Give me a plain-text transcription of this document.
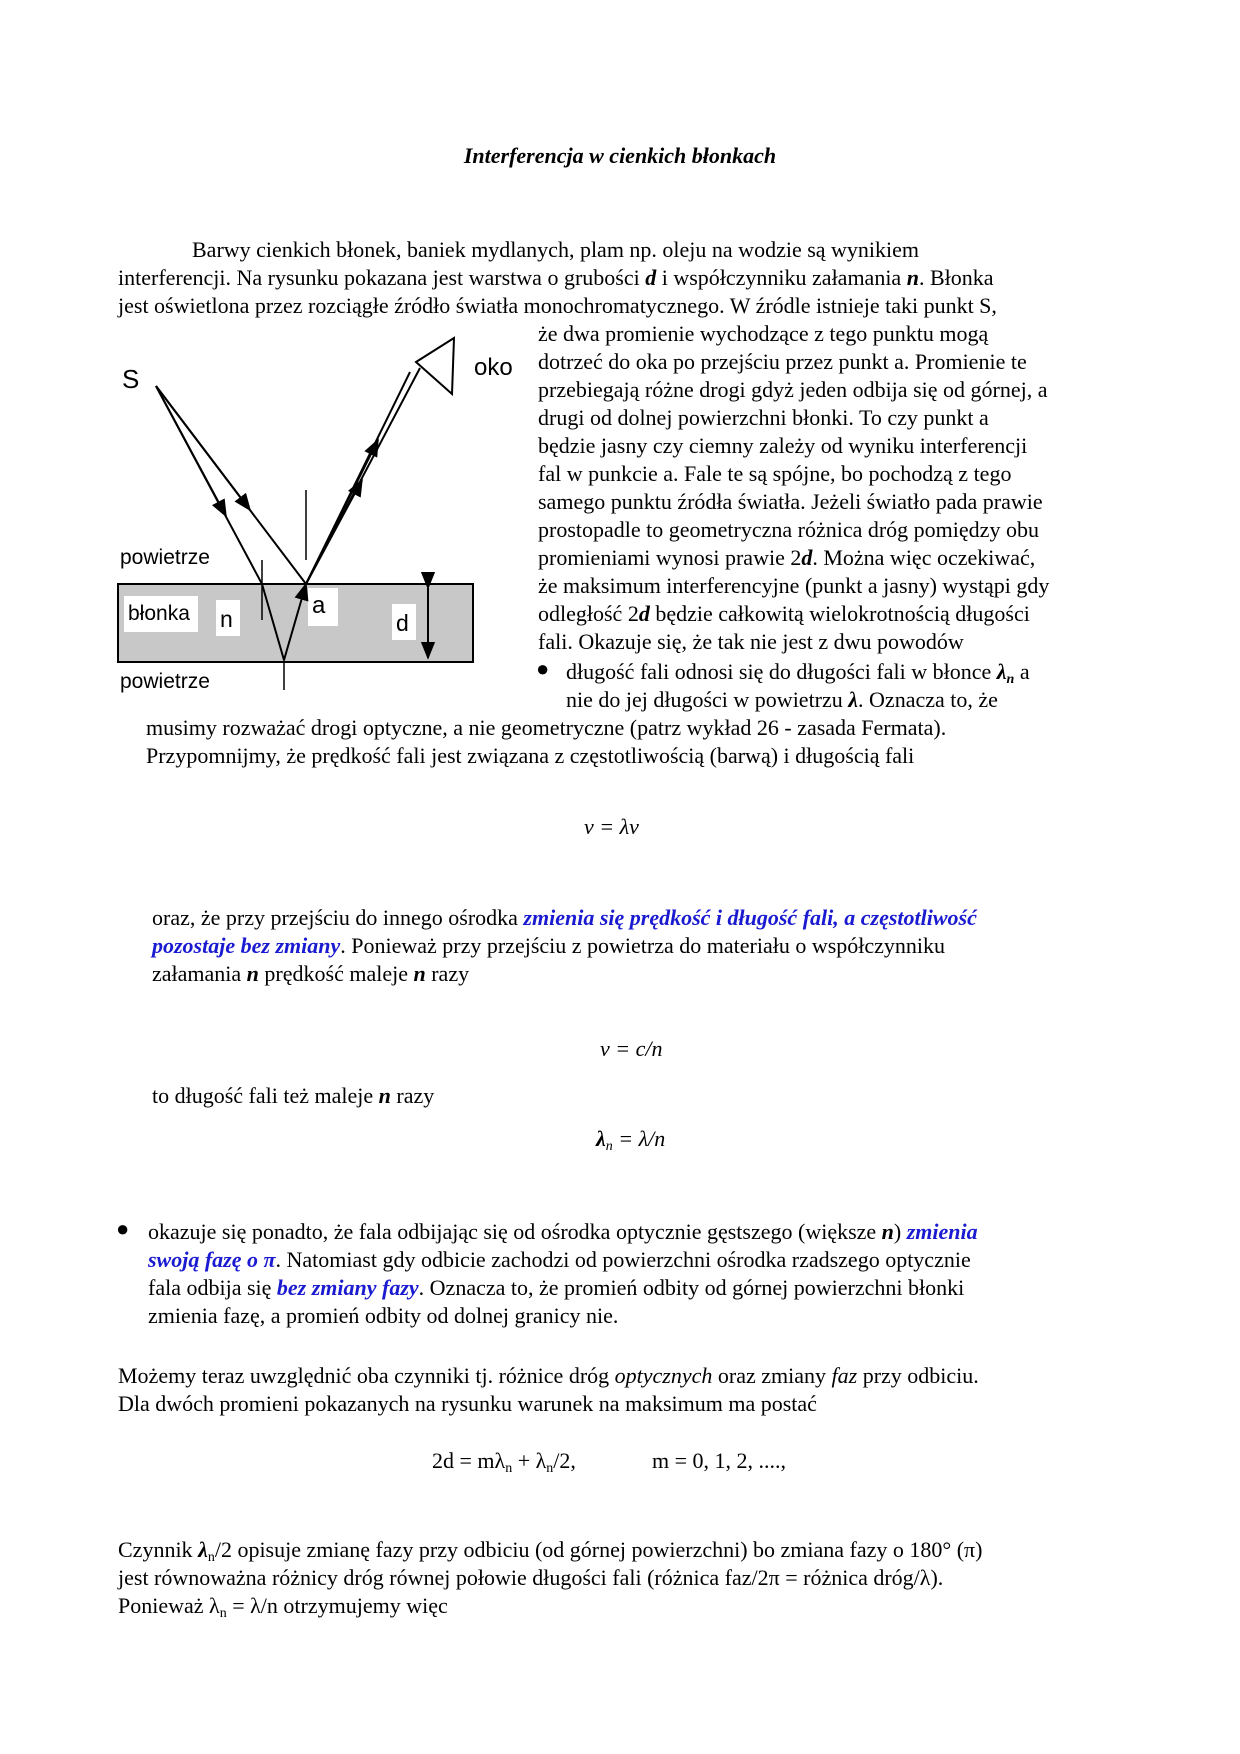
Interferencja w cienkich błonkach
Barwy cienkich błonek, baniek mydlanych, plam np. oleju na wodzie są wynikiem
interferencji. Na rysunku pokazana jest warstwa o grubości d i współczynniku załamania n. Błonka
jest oświetlona przez rozciągłe źródło światła monochromatycznego. W źródle istnieje taki punkt S,
że dwa promienie wychodzące z tego punktu mogą
dotrzeć do oka po przejściu przez punkt a. Promienie te
przebiegają różne drogi gdyż jeden odbija się od górnej, a
drugi od dolnej powierzchni błonki. To czy punkt a
będzie jasny czy ciemny zależy od wyniku interferencji
fal w punkcie a. Fale te są spójne, bo pochodzą z tego
samego punktu źródła światła. Jeżeli światło pada prawie
prostopadle to geometryczna różnica dróg pomiędzy obu
promieniami wynosi prawie 2d. Można więc oczekiwać,
że maksimum interferencyjne (punkt a jasny) wystąpi gdy
odległość 2d będzie całkowitą wielokrotnością długości
fali. Okazuje się, że tak nie jest z dwu powodów
● długość fali odnosi się do długości fali w błonce $\lambda_n$ a
nie do jej długości w powietrzu λ. Oznacza to, że
musimy rozważać drogi optyczne, a nie geometryczne (patrz wykład 26 - zasada Fermata).
Przypomnijmy, że prędkość fali jest związana z częstotliwością (barwą) i długością fali
v = λν
oraz, że przy przejściu do innego ośrodka zmienia się prędkość i długość fali, a częstotliwość
pozostaje bez zmiany. Ponieważ przy przejściu z powietrza do materiału o współczynniku
załamania n prędkość maleje n razy
v = c/n
to długość fali też maleje n razy
$\lambda_n = \lambda/n$
● okazuje się ponadto, że fala odbijając się od ośrodka optycznie gęstszego (większe n) zmienia
swoją fazę o π. Natomiast gdy odbicie zachodzi od powierzchni ośrodka rzadszego optycznie
fala odbija się bez zmiany fazy. Oznacza to, że promień odbity od górnej powierzchni błonki
zmienia fazę, a promień odbity od dolnej granicy nie.
Możemy teraz uwzględnić oba czynniki tj. różnice dróg optycznych oraz zmiany faz przy odbiciu.
Dla dwóch promieni pokazanych na rysunku warunek na maksimum ma postać
$2d = m\lambda_n + \lambda_n/2$,	m = 0, 1, 2, ....,
Czynnik $\lambda_n/2$ opisuje zmianę fazy przy odbiciu (od górnej powierzchni) bo zmiana fazy o 180° (π)
jest równoważna różnicy dróg równej połowie długości fali (różnica faz/2π = różnica dróg/λ).
Ponieważ $\lambda_n = \lambda/n$ otrzymujemy więc
S	oko
powietrze
błonka n	a
d
powietrze
